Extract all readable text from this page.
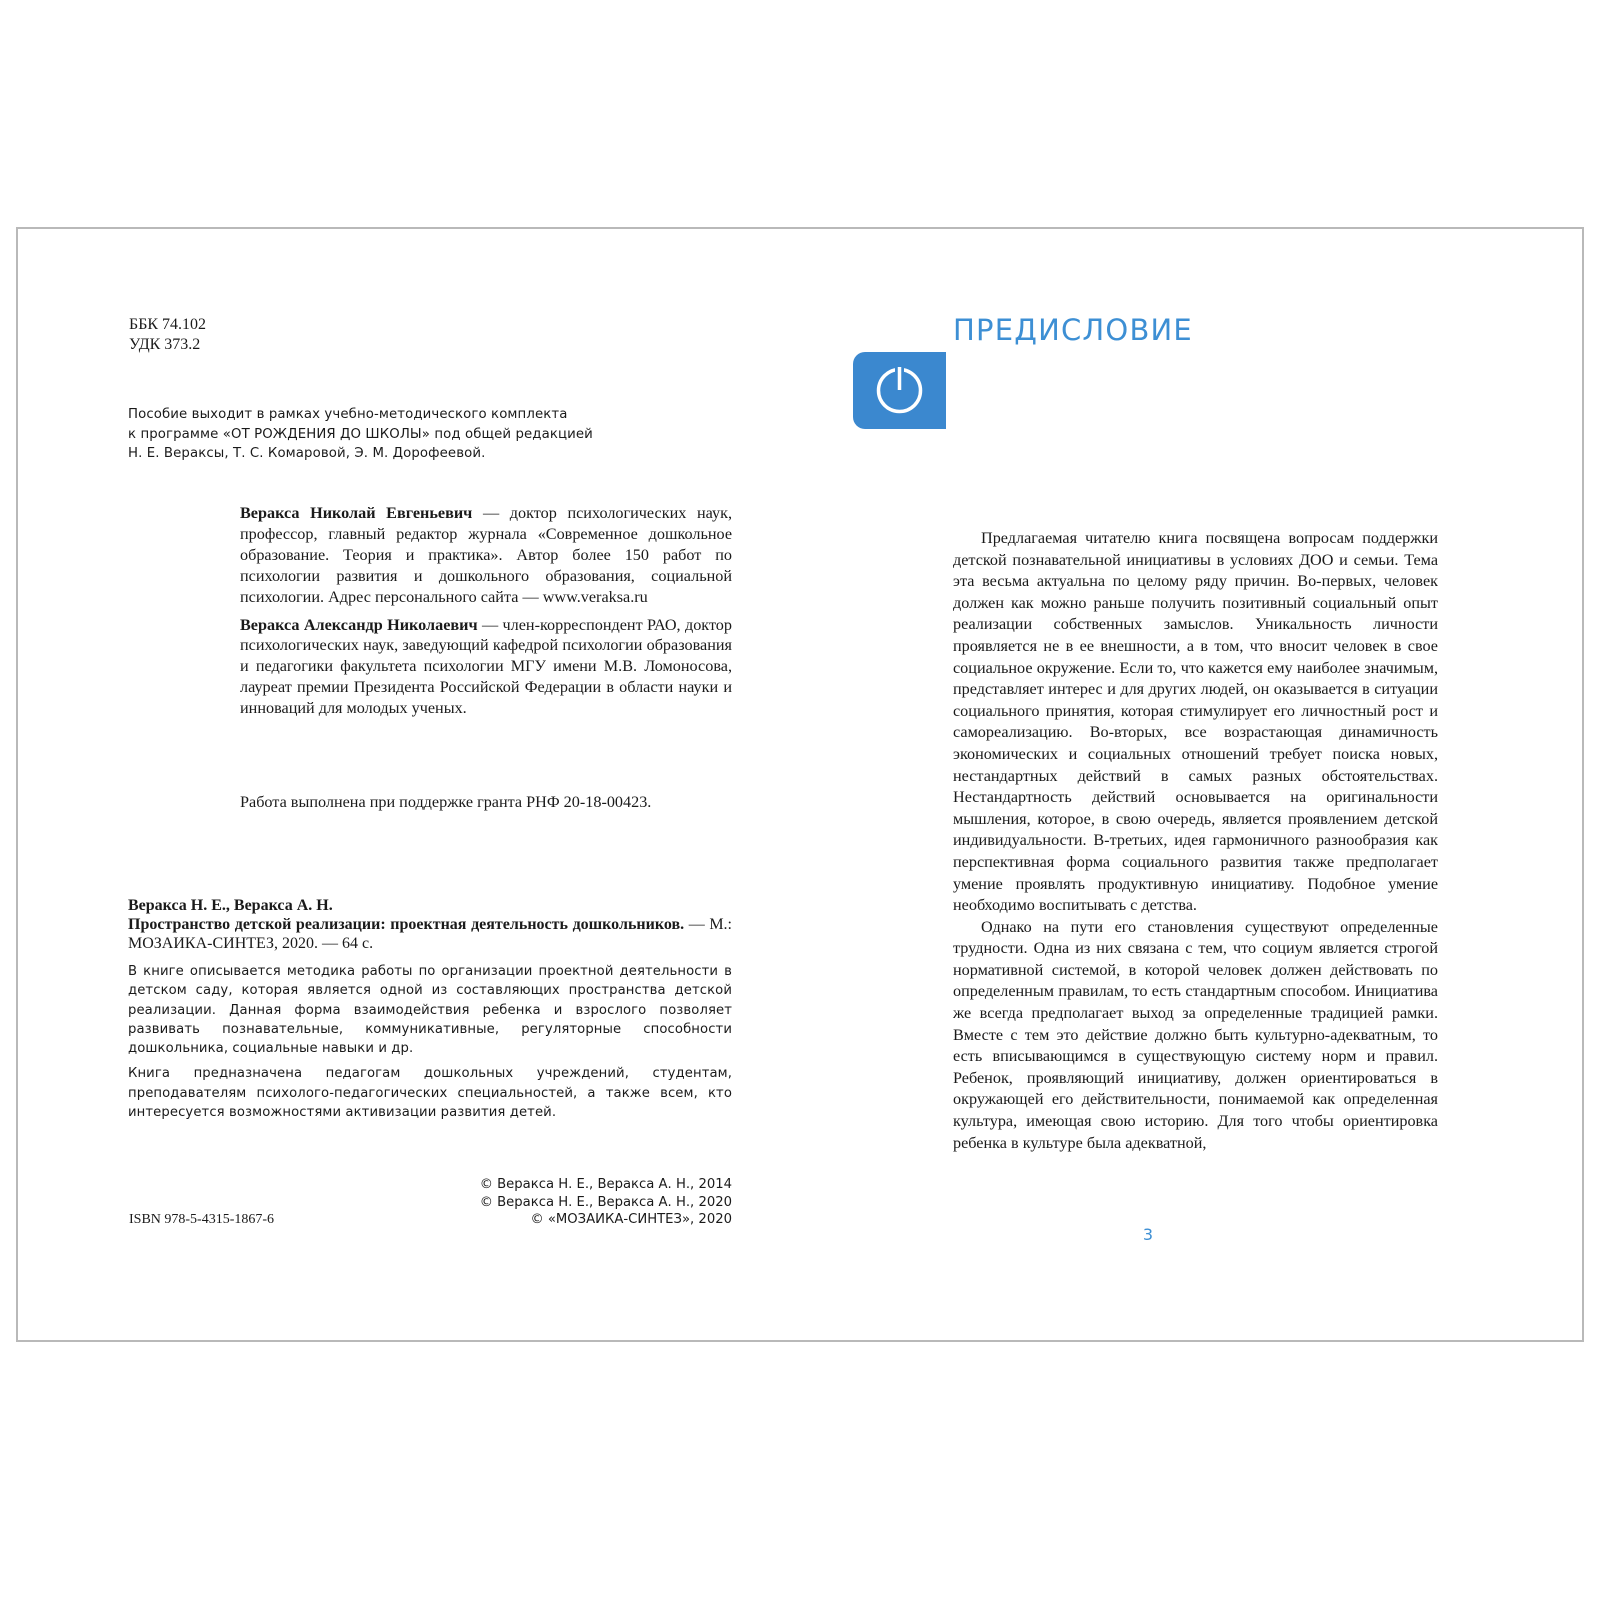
ББК 74.102
УДК 373.2
Пособие выходит в рамках учебно-методического комплекта
к программе «ОТ РОЖДЕНИЯ ДО ШКОЛЫ» под общей редакцией
Н. Е. Вераксы, Т. С. Комаровой, Э. М. Дорофеевой.

Веракса Николай Евгеньевич — доктор психологических наук, профессор, главный редактор журнала «Современное дошкольное образование. Теория и практика». Автор более 150 работ по психологии развития и дошкольного образования, социальной психологии. Адрес персонального сайта — www.veraksa.ru

Веракса Александр Николаевич — член-корреспондент РАО, доктор психологических наук, заведующий кафедрой психологии образования и педагогики факультета психологии МГУ имени М.В. Ломоносова, лауреат премии Президента Российской Федерации в области науки и инноваций для молодых ученых.

Работа выполнена при поддержке гранта РНФ 20-18-00423.
Веракса Н. Е., Веракса А. Н.
Пространство детской реализации: проектная деятельность дошкольников. — М.: МОЗАИКА-СИНТЕЗ, 2020. — 64 с.

В книге описывается методика работы по организации проектной деятельности в детском саду, которая является одной из составляющих пространства детской реализации. Данная форма взаимодействия ребенка и взрослого позволяет развивать познавательные, коммуникативные, регуляторные способности дошкольника, социальные навыки и др.

Книга предназначена педагогам дошкольных учреждений, студентам, преподавателям психолого-педагогических специальностей, а также всем, кто интересуется возможностями активизации развития детей.

© Веракса Н. Е., Веракса А. Н., 2014
© Веракса Н. Е., Веракса А. Н., 2020
© «МОЗАИКА-СИНТЕЗ», 2020
ISBN 978-5-4315-1867-6
ПРЕДИСЛОВИЕ

Предлагаемая читателю книга посвящена вопросам поддержки детской познавательной инициативы в условиях ДОО и семьи. Тема эта весьма актуальна по целому ряду причин. Во-первых, человек должен как можно раньше получить позитивный социальный опыт реализации собственных замыслов. Уникальность личности проявляется не в ее внешности, а в том, что вносит человек в свое социальное окружение. Если то, что кажется ему наиболее значимым, представляет интерес и для других людей, он оказывается в ситуации социального принятия, которая стимулирует его личностный рост и самореализацию. Во-вторых, все возрастающая динамичность экономических и социальных отношений требует поиска новых, нестандартных действий в самых разных обстоятельствах. Нестандартность действий основывается на оригинальности мышления, которое, в свою очередь, является проявлением детской индивидуальности. В-третьих, идея гармоничного разнообразия как перспективная форма социального развития также предполагает умение проявлять продуктивную инициативу. Подобное умение необходимо воспитывать с детства.

Однако на пути его становления существуют определенные трудности. Одна из них связана с тем, что социум является строгой нормативной системой, в которой человек должен действовать по определенным правилам, то есть стандартным способом. Инициатива же всегда предполагает выход за определенные традицией рамки. Вместе с тем это действие должно быть культурно-адекватным, то есть вписывающимся в существующую систему норм и правил. Ребенок, проявляющий инициативу, должен ориентироваться в окружающей его действительности, понимаемой как определенная культура, имеющая свою историю. Для того чтобы ориентировка ребенка в культуре была адекватной,

3
